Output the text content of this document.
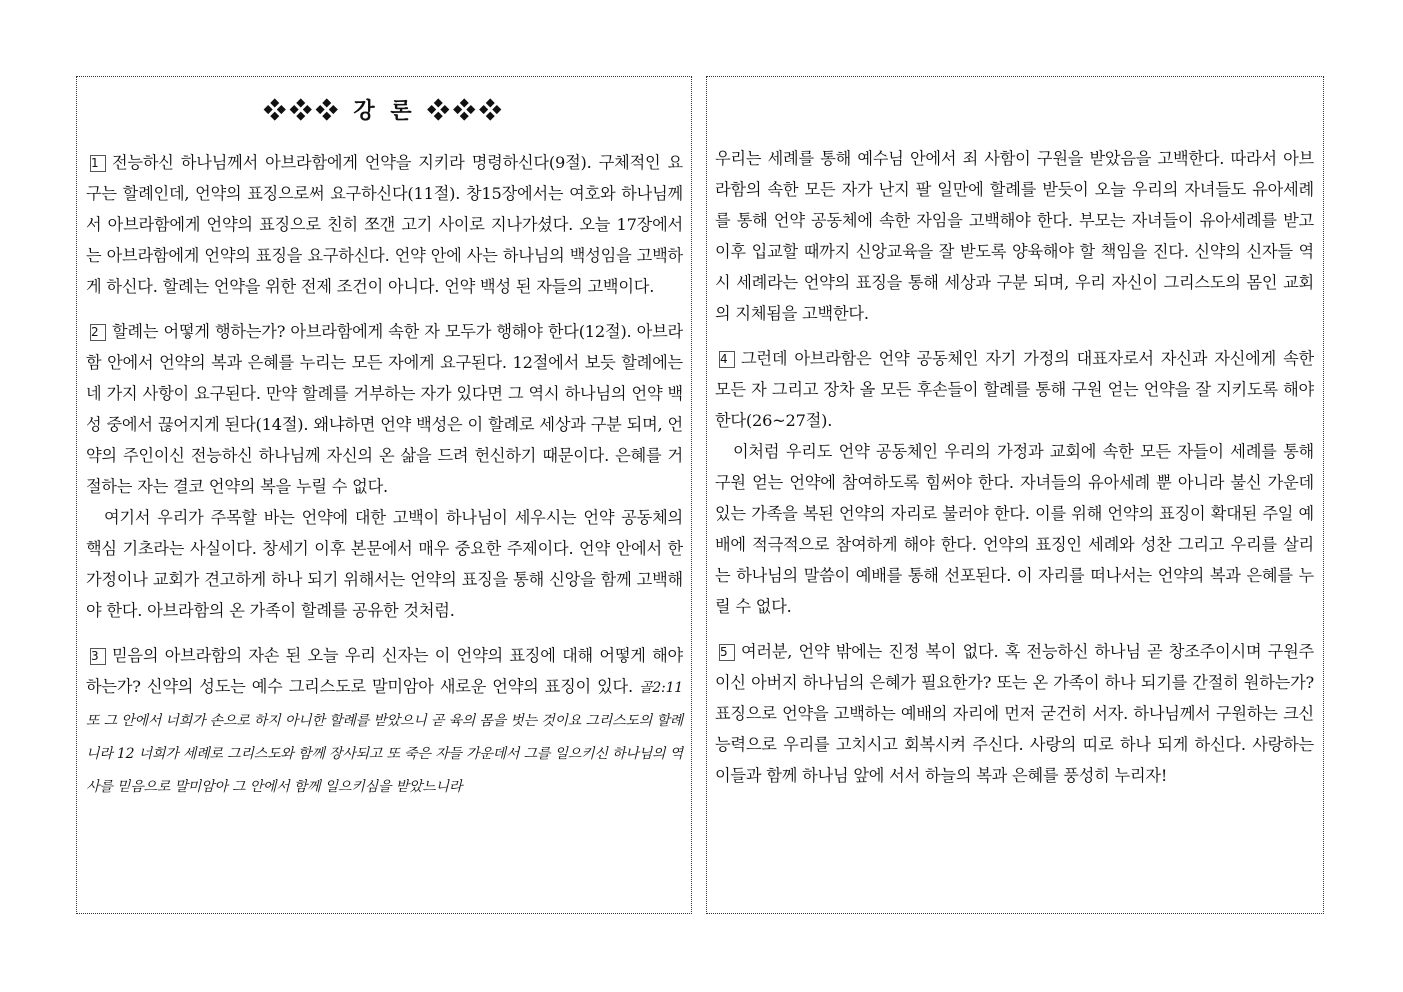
❖❖❖ 강 론 ❖❖❖

1 전능하신 하나님께서 아브라함에게 언약을 지키라 명령하신다(9절). 구체적인 요구는 할례인데, 언약의 표징으로써 요구하신다(11절). 창15장에서는 여호와 하나님께서 아브라함에게 언약의 표징으로 친히 쪼갠 고기 사이로 지나가셨다. 오늘 17장에서는 아브라함에게 언약의 표징을 요구하신다. 언약 안에 사는 하나님의 백성임을 고백하게 하신다. 할례는 언약을 위한 전제 조건이 아니다. 언약 백성 된 자들의 고백이다.

2 할례는 어떻게 행하는가? 아브라함에게 속한 자 모두가 행해야 한다(12절). 아브라함 안에서 언약의 복과 은혜를 누리는 모든 자에게 요구된다. 12절에서 보듯 할례에는 네 가지 사항이 요구된다. 만약 할례를 거부하는 자가 있다면 그 역시 하나님의 언약 백성 중에서 끊어지게 된다(14절). 왜냐하면 언약 백성은 이 할례로 세상과 구분 되며, 언약의 주인이신 전능하신 하나님께 자신의 온 삶을 드려 헌신하기 때문이다. 은혜를 거절하는 자는 결코 언약의 복을 누릴 수 없다.

여기서 우리가 주목할 바는 언약에 대한 고백이 하나님이 세우시는 언약 공동체의 핵심 기초라는 사실이다. 창세기 이후 본문에서 매우 중요한 주제이다. 언약 안에서 한 가정이나 교회가 견고하게 하나 되기 위해서는 언약의 표징을 통해 신앙을 함께 고백해야 한다. 아브라함의 온 가족이 할례를 공유한 것처럼.

3 믿음의 아브라함의 자손 된 오늘 우리 신자는 이 언약의 표징에 대해 어떻게 해야 하는가? 신약의 성도는 예수 그리스도로 말미암아 새로운 언약의 표징이 있다. 골2:11 또 그 안에서 너희가 손으로 하지 아니한 할례를 받았으니 곧 육의 몸을 벗는 것이요 그리스도의 할례니라 12 너희가 세례로 그리스도와 함께 장사되고 또 죽은 자들 가운데서 그를 일으키신 하나님의 역사를 믿음으로 말미암아 그 안에서 함께 일으키심을 받았느니라

우리는 세례를 통해 예수님 안에서 죄 사함이 구원을 받았음을 고백한다. 따라서 아브라함의 속한 모든 자가 난지 팔 일만에 할례를 받듯이 오늘 우리의 자녀들도 유아세례를 통해 언약 공동체에 속한 자임을 고백해야 한다. 부모는 자녀들이 유아세례를 받고 이후 입교할 때까지 신앙교육을 잘 받도록 양육해야 할 책임을 진다. 신약의 신자들 역시 세례라는 언약의 표징을 통해 세상과 구분 되며, 우리 자신이 그리스도의 몸인 교회의 지체됨을 고백한다.

4 그런데 아브라함은 언약 공동체인 자기 가정의 대표자로서 자신과 자신에게 속한 모든 자 그리고 장차 올 모든 후손들이 할례를 통해 구원 얻는 언약을 잘 지키도록 해야 한다(26~27절).

이처럼 우리도 언약 공동체인 우리의 가정과 교회에 속한 모든 자들이 세례를 통해 구원 얻는 언약에 참여하도록 힘써야 한다. 자녀들의 유아세례 뿐 아니라 불신 가운데 있는 가족을 복된 언약의 자리로 불러야 한다. 이를 위해 언약의 표징이 확대된 주일 예배에 적극적으로 참여하게 해야 한다. 언약의 표징인 세례와 성찬 그리고 우리를 살리는 하나님의 말씀이 예배를 통해 선포된다. 이 자리를 떠나서는 언약의 복과 은혜를 누릴 수 없다.

5 여러분, 언약 밖에는 진정 복이 없다. 혹 전능하신 하나님 곧 창조주이시며 구원주이신 아버지 하나님의 은혜가 필요한가? 또는 온 가족이 하나 되기를 간절히 원하는가? 표징으로 언약을 고백하는 예배의 자리에 먼저 굳건히 서자. 하나님께서 구원하는 크신 능력으로 우리를 고치시고 회복시켜 주신다. 사랑의 띠로 하나 되게 하신다. 사랑하는 이들과 함께 하나님 앞에 서서 하늘의 복과 은혜를 풍성히 누리자!
